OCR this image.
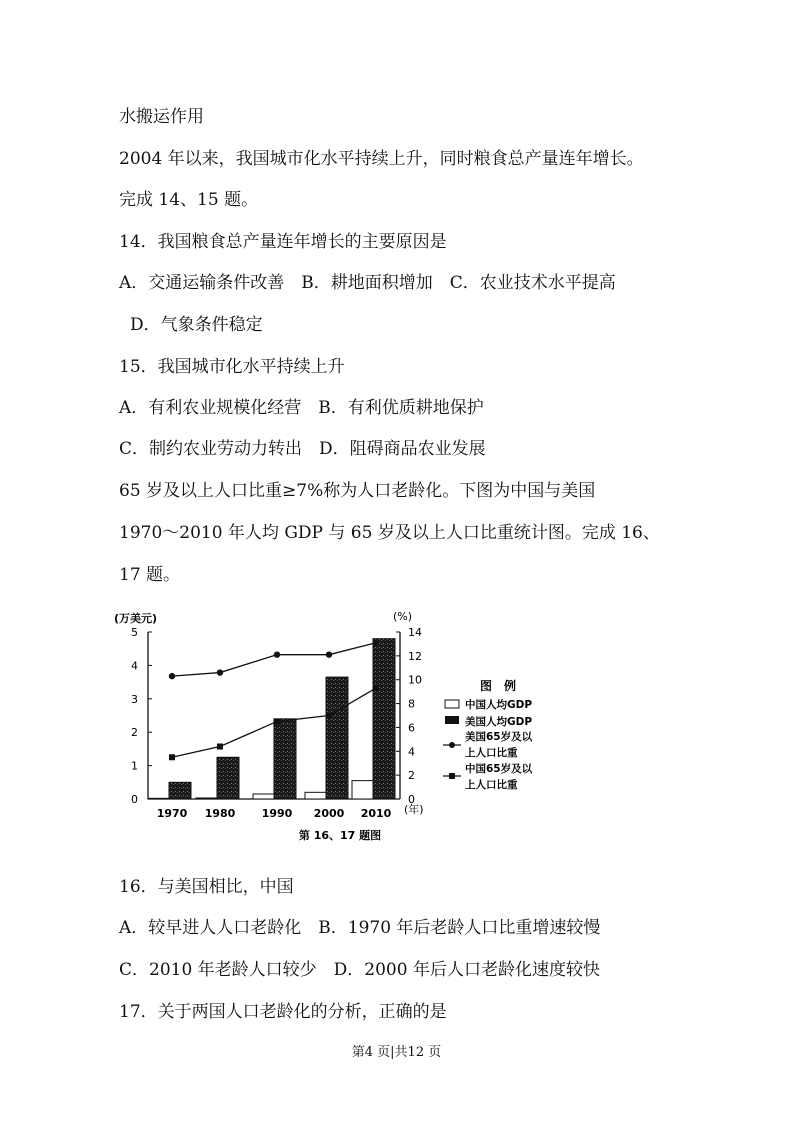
水搬运作用
2004 年以来，我国城市化水平持续上升，同时粮食总产量连年增长。
完成 14、15 题。
14．我国粮食总产量连年增长的主要原因是
A．交通运输条件改善　B．耕地面积增加　C．农业技术水平提高
D．气象条件稳定
15．我国城市化水平持续上升
A．有利农业规模化经营　B．有利优质耕地保护
C．制约农业劳动力转出　D．阻碍商品农业发展
65 岁及以上人口比重≥7%称为人口老龄化。下图为中国与美国
1970～2010 年人均 GDP 与 65 岁及以上人口比重统计图。完成 16、
17 题。
0
1
2
3
4
5
0
2
4
6
8
10
12
14
(万美元)	(%)
1970 1980 1990 2000 2010 (年)
第 16、17 题图
图　例
中国人均GDP
美国人均GDP
美国65岁及以
上人口比重
中国65岁及以
上人口比重
16．与美国相比，中国
A．较早进人人口老龄化　B．1970 年后老龄人口比重增速较慢
C．2010 年老龄人口较少　D．2000 年后人口老龄化速度较快
17．关于两国人口老龄化的分析，正确的是
第4 页|共12 页
